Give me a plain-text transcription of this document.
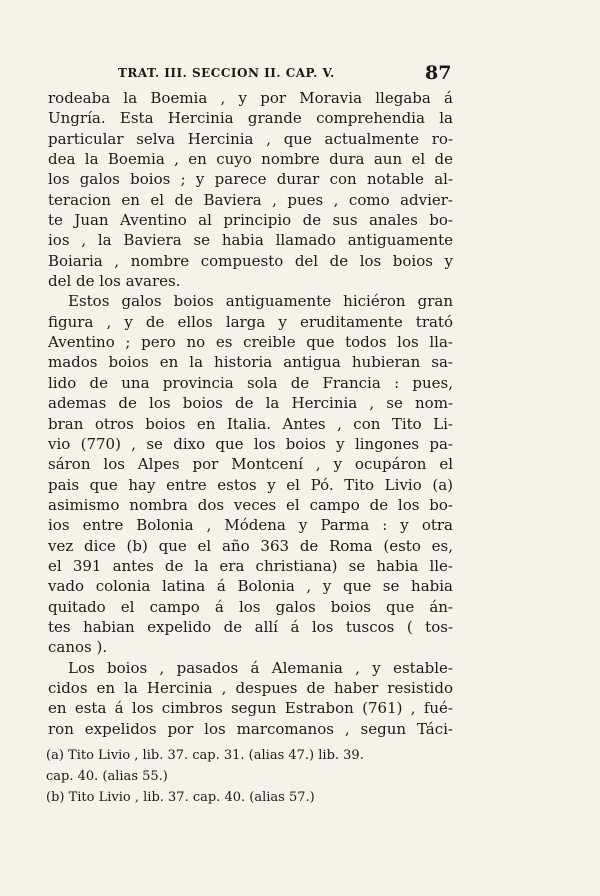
TRAT. III. SECCION II. CAP. V.	87
rodeaba la Boemia , y por Moravia llegaba á
Ungría. Esta Hercinia grande comprehendia la
particular selva Hercinia , que actualmente ro-
dea la Boemia , en cuyo nombre dura aun el de
los galos boios ; y parece durar con notable al-
teracion en el de Baviera , pues , como advier-
te Juan Aventino al principio de sus anales bo-
ios , la Baviera se habia llamado antiguamente
Boiaria , nombre compuesto del de los boios y
del de los avares.
Estos galos boios antiguamente hiciéron gran
figura , y de ellos larga y eruditamente trató
Aventino ; pero no es creible que todos los lla-
mados boios en la historia antigua hubieran sa-
lido de una provincia sola de Francia : pues,
ademas de los boios de la Hercinia , se nom-
bran otros boios en Italia. Antes , con Tito Li-
vio (770) , se dixo que los boios y lingones pa-
sáron los Alpes por Montcení , y ocupáron el
pais que hay entre estos y el Pó. Tito Livio (a)
asimismo nombra dos veces el campo de los bo-
ios entre Bolonia , Módena y Parma : y otra
vez dice (b) que el año 363 de Roma (esto es,
el 391 antes de la era christiana) se habia lle-
vado colonia latina á Bolonia , y que se habia
quitado el campo á los galos boios que án-
tes habian expelido de allí á los tuscos ( tos-
canos ).
Los boios , pasados á Alemania , y estable-
cidos en la Hercinia , despues de haber resistido
en esta á los cimbros segun Estrabon (761) , fué-
ron expelidos por los marcomanos , segun Táci-
(a) Tito Livio , lib. 37. cap. 31. (alias 47.) lib. 39.
cap. 40. (alias 55.)
(b) Tito Livio , lib. 37. cap. 40. (alias 57.)
